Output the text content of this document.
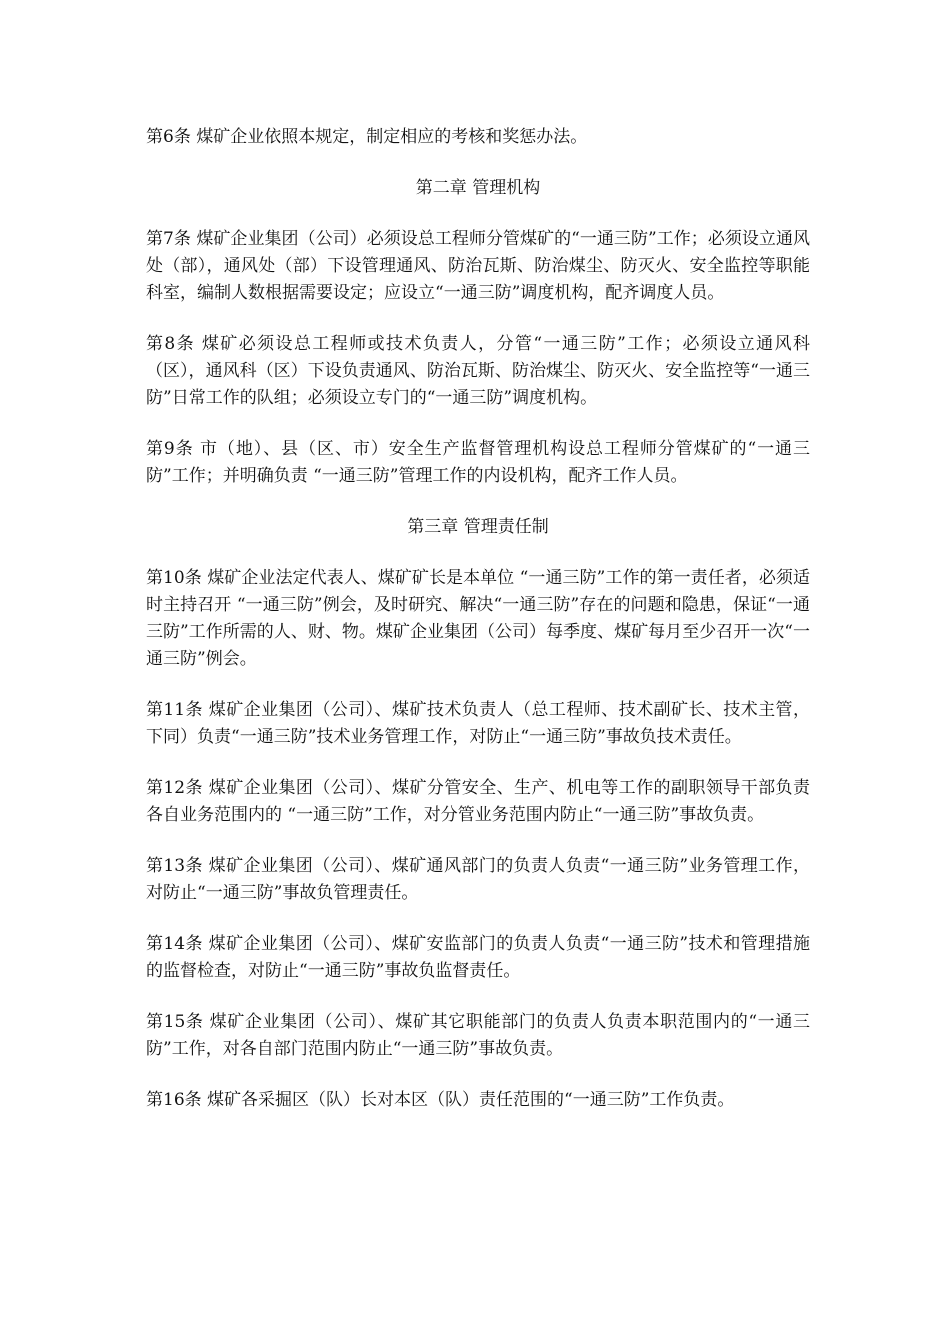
第6条 煤矿企业依照本规定，制定相应的考核和奖惩办法。

第二章 管理机构

第7条 煤矿企业集团（公司）必须设总工程师分管煤矿的“一通三防”工作；必须设立通风处（部），通风处（部）下设管理通风、防治瓦斯、防治煤尘、防灭火、安全监控等职能科室，编制人数根据需要设定；应设立“一通三防”调度机构，配齐调度人员。

第8条 煤矿必须设总工程师或技术负责人，分管“一通三防”工作；必须设立通风科（区），通风科（区）下设负责通风、防治瓦斯、防治煤尘、防灭火、安全监控等“一通三防”日常工作的队组；必须设立专门的“一通三防”调度机构。

第9条 市（地）、县（区、市）安全生产监督管理机构设总工程师分管煤矿的“一通三防”工作；并明确负责 “一通三防”管理工作的内设机构，配齐工作人员。

第三章 管理责任制

第10条 煤矿企业法定代表人、煤矿矿长是本单位 “一通三防”工作的第一责任者，必须适时主持召开 “一通三防”例会，及时研究、解决“一通三防”存在的问题和隐患，保证“一通三防”工作所需的人、财、物。煤矿企业集团（公司）每季度、煤矿每月至少召开一次“一通三防”例会。

第11条 煤矿企业集团（公司）、煤矿技术负责人（总工程师、技术副矿长、技术主管，下同）负责“一通三防”技术业务管理工作，对防止“一通三防”事故负技术责任。

第12条 煤矿企业集团（公司）、煤矿分管安全、生产、机电等工作的副职领导干部负责各自业务范围内的 “一通三防”工作，对分管业务范围内防止“一通三防”事故负责。

第13条 煤矿企业集团（公司）、煤矿通风部门的负责人负责“一通三防”业务管理工作，对防止“一通三防”事故负管理责任。

第14条 煤矿企业集团（公司）、煤矿安监部门的负责人负责“一通三防”技术和管理措施的监督检查，对防止“一通三防”事故负监督责任。

第15条 煤矿企业集团（公司）、煤矿其它职能部门的负责人负责本职范围内的“一通三防”工作，对各自部门范围内防止“一通三防”事故负责。

第16条 煤矿各采掘区（队）长对本区（队）责任范围的“一通三防”工作负责。
